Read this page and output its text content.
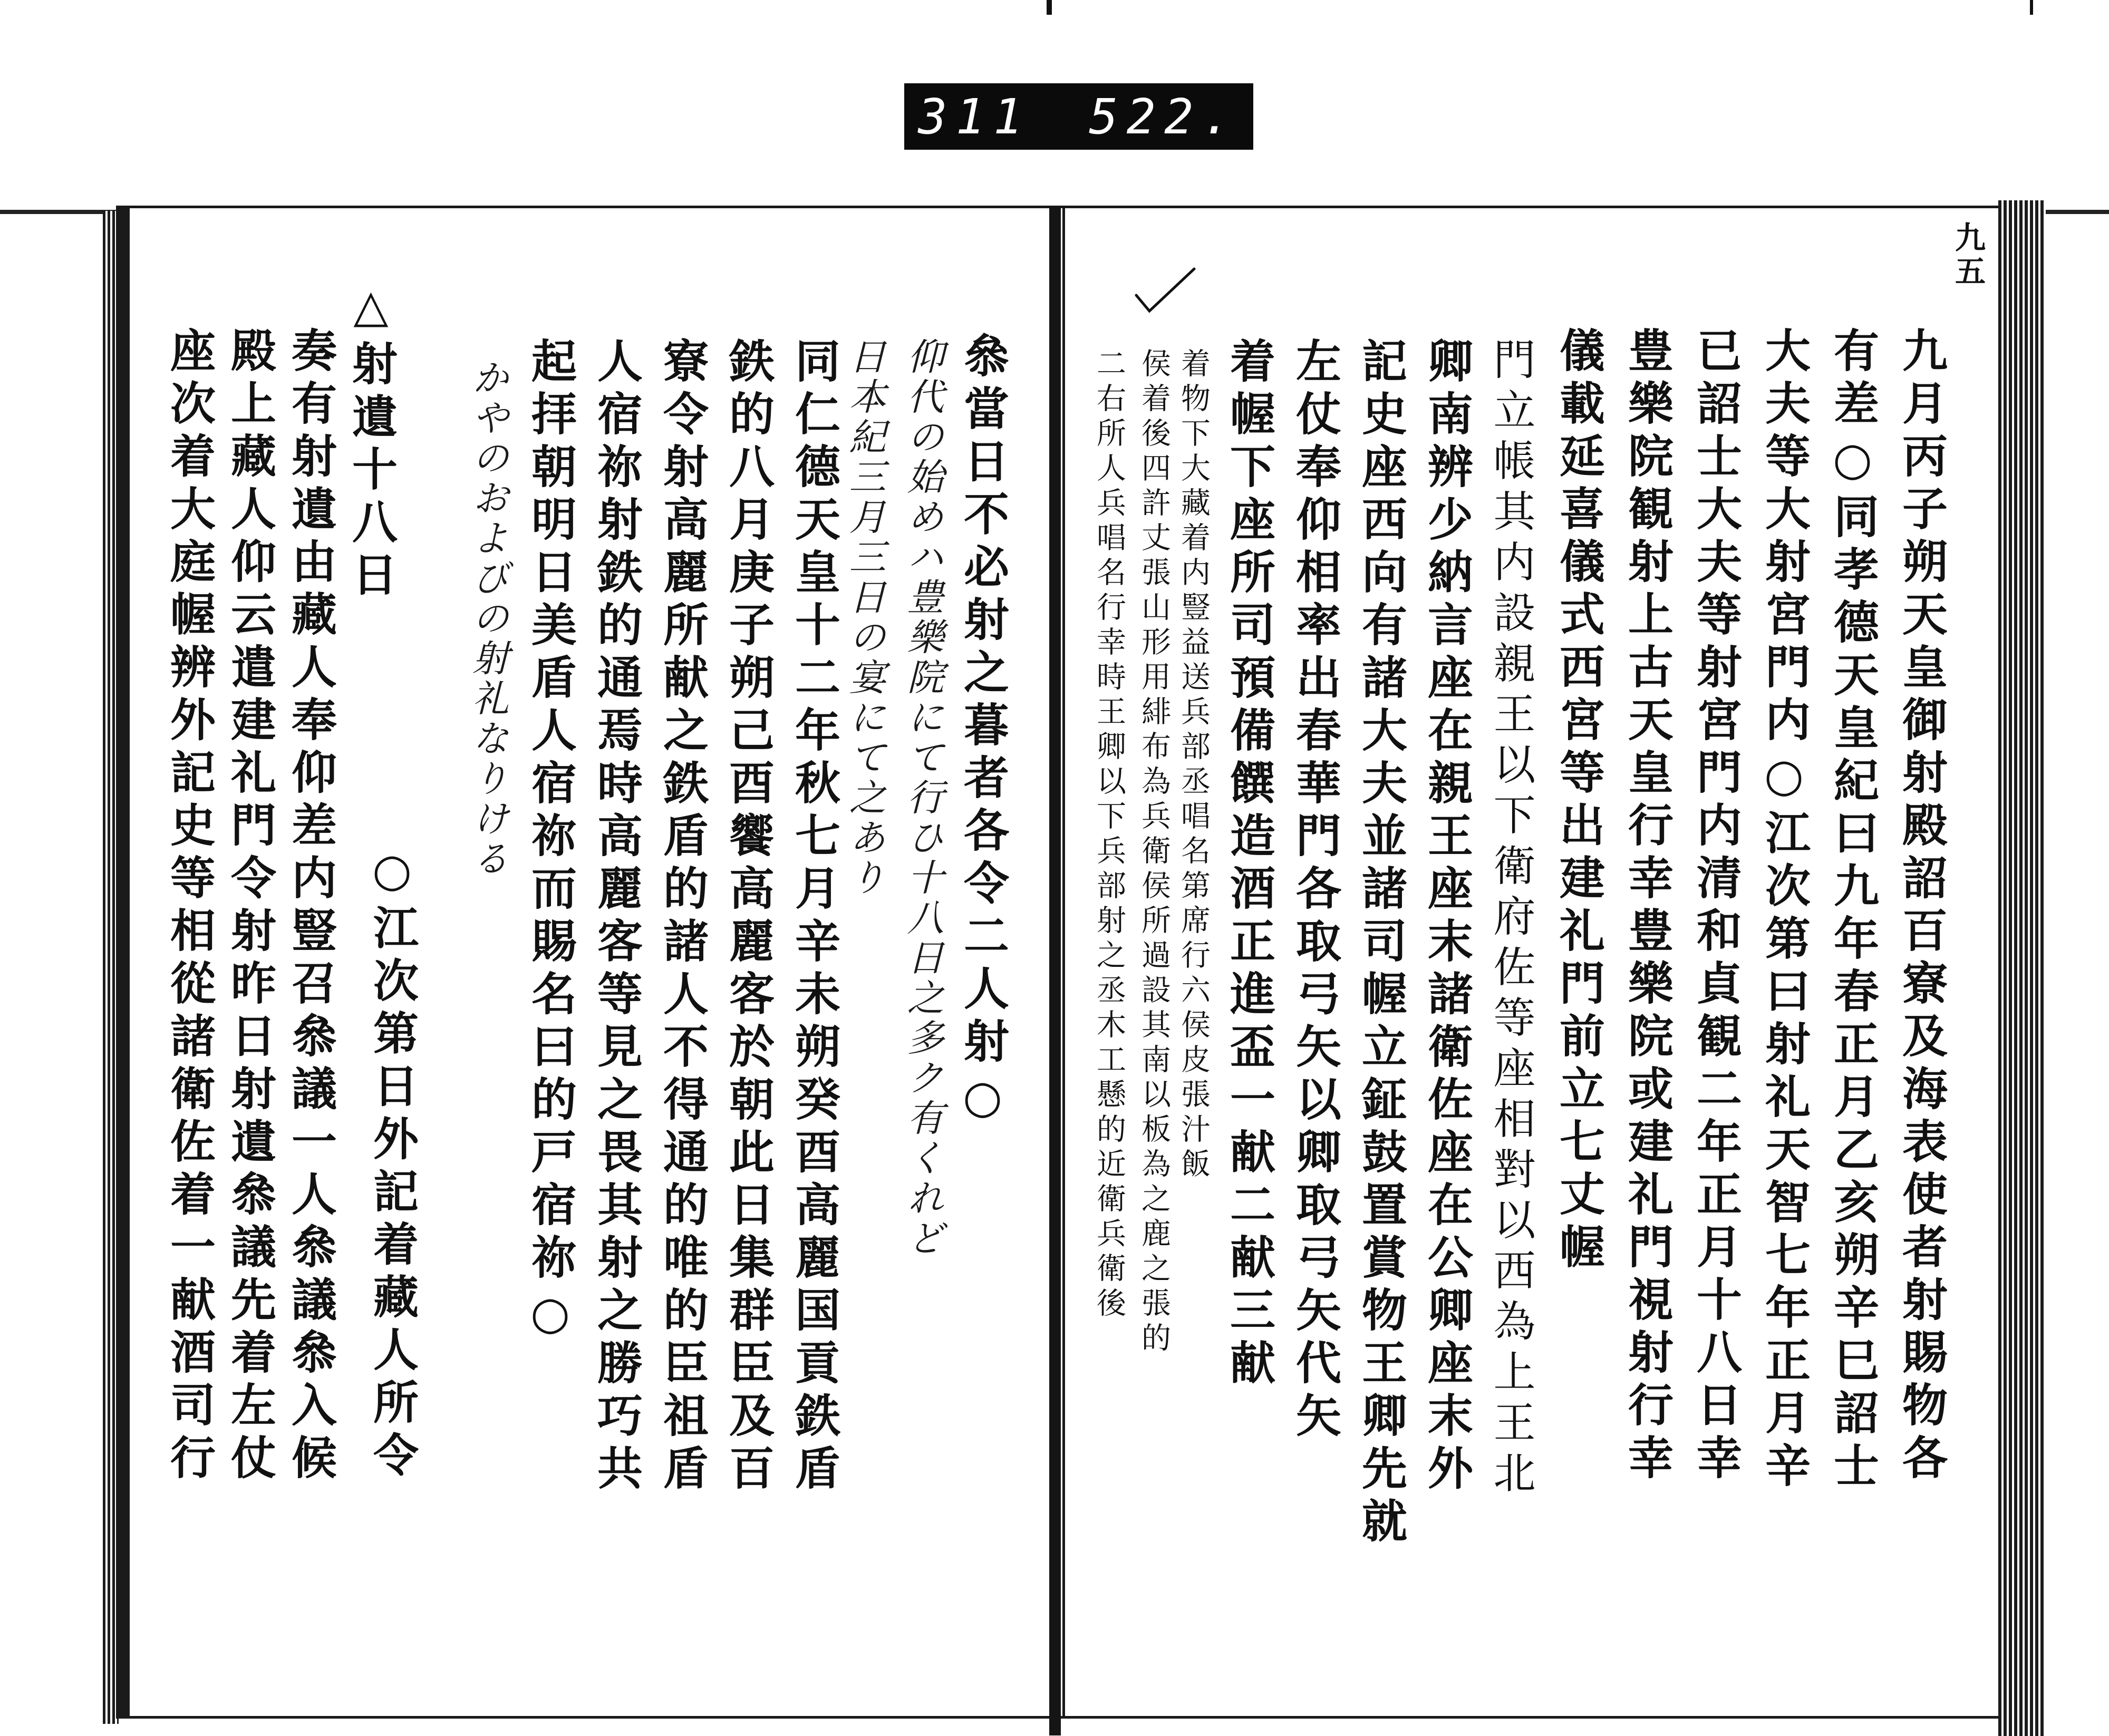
311 522.
九五
九月丙子朔天皇御射殿詔百寮及海表使者射賜物各
有差○同孝德天皇紀曰九年春正月乙亥朔辛巳詔士
大夫等大射宮門内○江次第曰射礼天智七年正月辛
已詔士大夫等射宮門内清和貞観二年正月十八日幸
豊樂院観射上古天皇行幸豊樂院或建礼門視射行幸
儀載延喜儀式西宮等出建礼門前立七丈幄
門立帳其内設親王以下衛府佐等座相對以西為上王北
卿南辨少納言座在親王座末諸衛佐座在公卿座末外
記史座西向有諸大夫並諸司幄立鉦鼓置賞物王卿先就
左仗奉仰相率出春華門各取弓矢以卿取弓矢代矢
着幄下座所司預備饌造酒正進盃一献二献三献
着物下大藏着内豎益送兵部丞唱名第席行六侯皮張汁飯
侯着後四許丈張山形用緋布為兵衛侯所過設其南以板為之鹿之張的
二右所人兵唱名行幸時王卿以下兵部射之丞木工懸的近衛兵衛後
叅當日不必射之暮者各令二人射○
仰代の始めハ豊樂院にて行ひ十八日之多ク有くれど
日本紀三月三日の宴にて之あり
同仁德天皇十二年秋七月辛未朔癸酉高麗国貢鉄盾
鉄的八月庚子朔己酉饗高麗客於朝此日集群臣及百
寮令射高麗所献之鉄盾的諸人不得通的唯的臣祖盾
人宿祢射鉄的通焉時高麗客等見之畏其射之勝巧共
起拝朝明日美盾人宿祢而賜名曰的戸宿祢○
かやのおよびの射礼なりける
○江次第日外記着藏人所令
△射遺十八日
奏有射遺由藏人奉仰差内豎召叅議一人叅議叅入候
殿上藏人仰云遣建礼門令射昨日射遺叅議先着左仗
座次着大庭幄辨外記史等相從諸衛佐着一献酒司行
